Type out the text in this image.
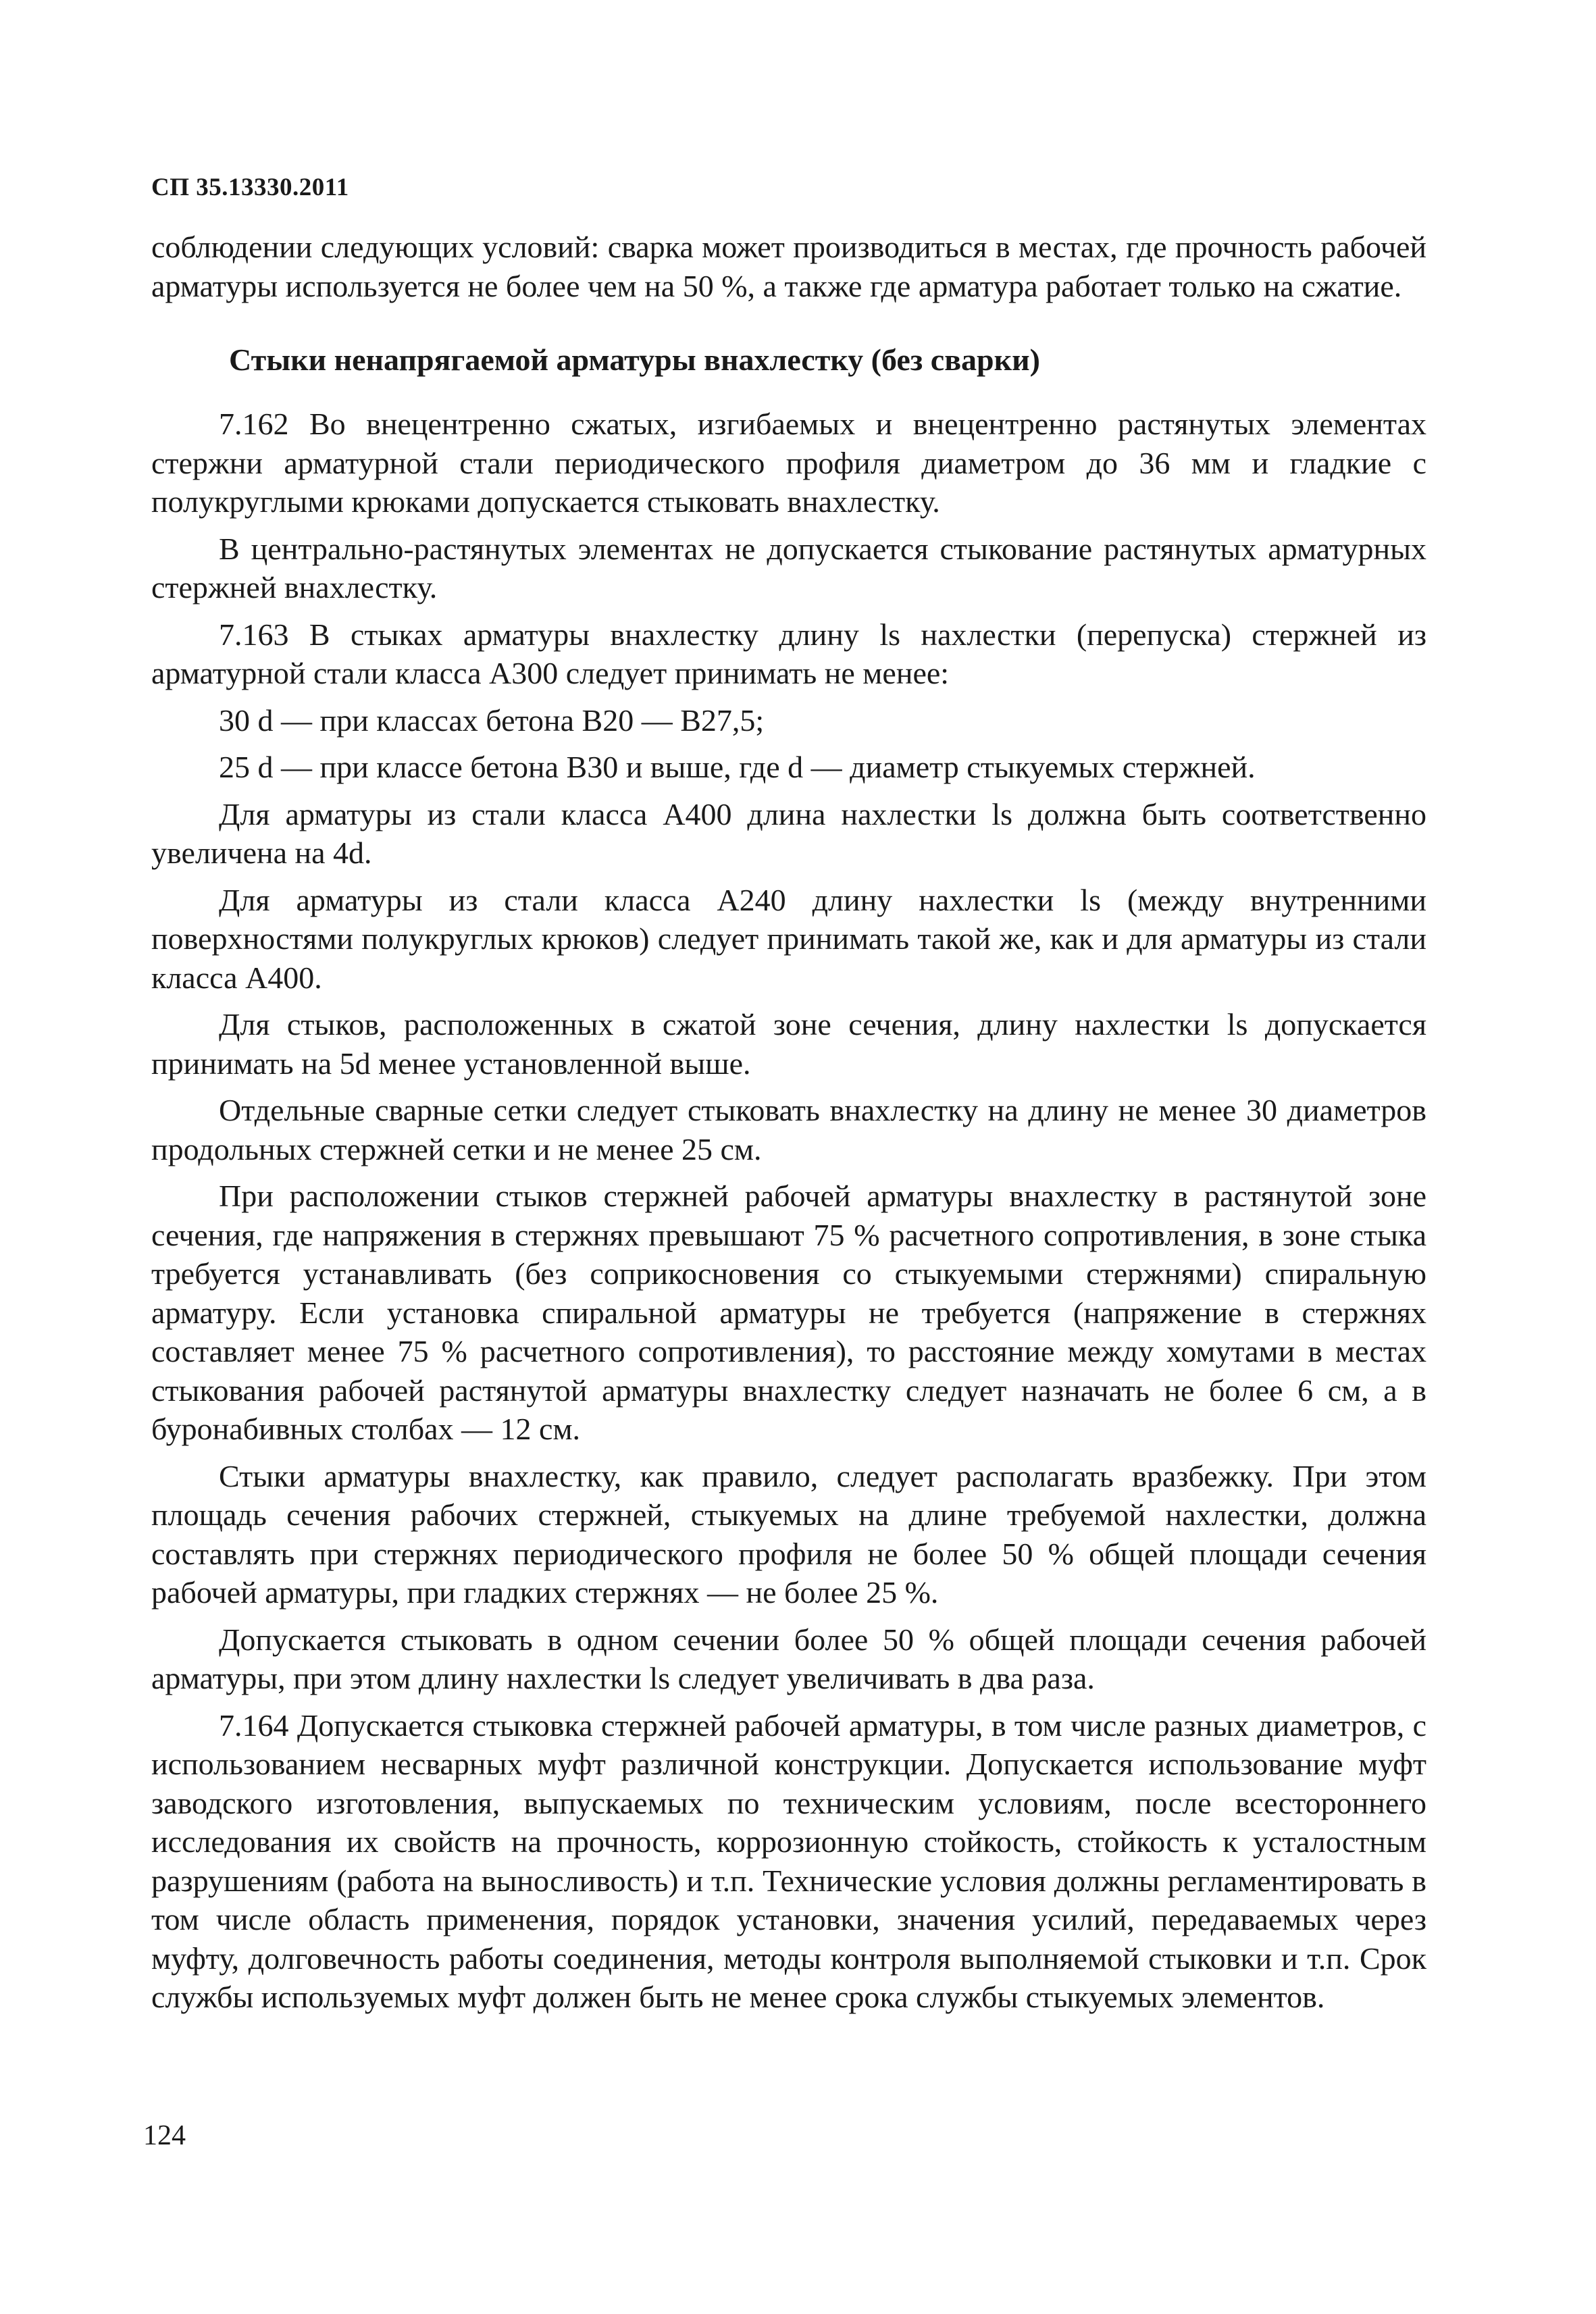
СП 35.13330.2011

соблюдении следующих условий: сварка может производиться в местах, где прочность рабочей арматуры используется не более чем на 50 %, а также где арматура работает только на сжатие.

Стыки ненапрягаемой арматуры внахлестку (без сварки)

7.162 Во внецентренно сжатых, изгибаемых и внецентренно растянутых элементах стержни арматурной стали периодического профиля диаметром до 36 мм и гладкие с полукруглыми крюками допускается стыковать внахлестку.

В центрально-растянутых элементах не допускается стыкование растянутых арматурных стержней внахлестку.

7.163 В стыках арматуры внахлестку длину ls нахлестки (перепуска) стержней из арматурной стали класса А300 следует принимать не менее:

30 d — при классах бетона В20 — В27,5;

25 d — при классе бетона В30 и выше, где d — диаметр стыкуемых стержней.

Для арматуры из стали класса А400 длина нахлестки ls должна быть соответственно увеличена на 4d.

Для арматуры из стали класса А240 длину нахлестки ls (между внутренними поверхностями полукруглых крюков) следует принимать такой же, как и для арматуры из стали класса А400.

Для стыков, расположенных в сжатой зоне сечения, длину нахлестки ls допускается принимать на 5d менее установленной выше.

Отдельные сварные сетки следует стыковать внахлестку на длину не менее 30 диаметров продольных стержней сетки и не менее 25 см.

При расположении стыков стержней рабочей арматуры внахлестку в растянутой зоне сечения, где напряжения в стержнях превышают 75 % расчетного сопротивления, в зоне стыка требуется устанавливать (без соприкосновения со стыкуемыми стержнями) спиральную арматуру. Если установка спиральной арматуры не требуется (напряжение в стержнях составляет менее 75 % расчетного сопротивления), то расстояние между хомутами в местах стыкования рабочей растянутой арматуры внахлестку следует назначать не более 6 см, а в буронабивных столбах — 12 см.

Стыки арматуры внахлестку, как правило, следует располагать вразбежку. При этом площадь сечения рабочих стержней, стыкуемых на длине требуемой нахлестки, должна составлять при стержнях периодического профиля не более 50 % общей площади сечения рабочей арматуры, при гладких стержнях — не более 25 %.

Допускается стыковать в одном сечении более 50 % общей площади сечения рабочей арматуры, при этом длину нахлестки ls следует увеличивать в два раза.

7.164 Допускается стыковка стержней рабочей арматуры, в том числе разных диаметров, с использованием несварных муфт различной конструкции. Допускается использование муфт заводского изготовления, выпускаемых по техническим условиям, после всестороннего исследования их свойств на прочность, коррозионную стойкость, стойкость к усталостным разрушениям (работа на выносливость) и т.п. Технические условия должны регламентировать в том числе область применения, порядок установки, значения усилий, передаваемых через муфту, долговечность работы соединения, методы контроля выполняемой стыковки и т.п. Срок службы используемых муфт должен быть не менее срока службы стыкуемых элементов.

124
